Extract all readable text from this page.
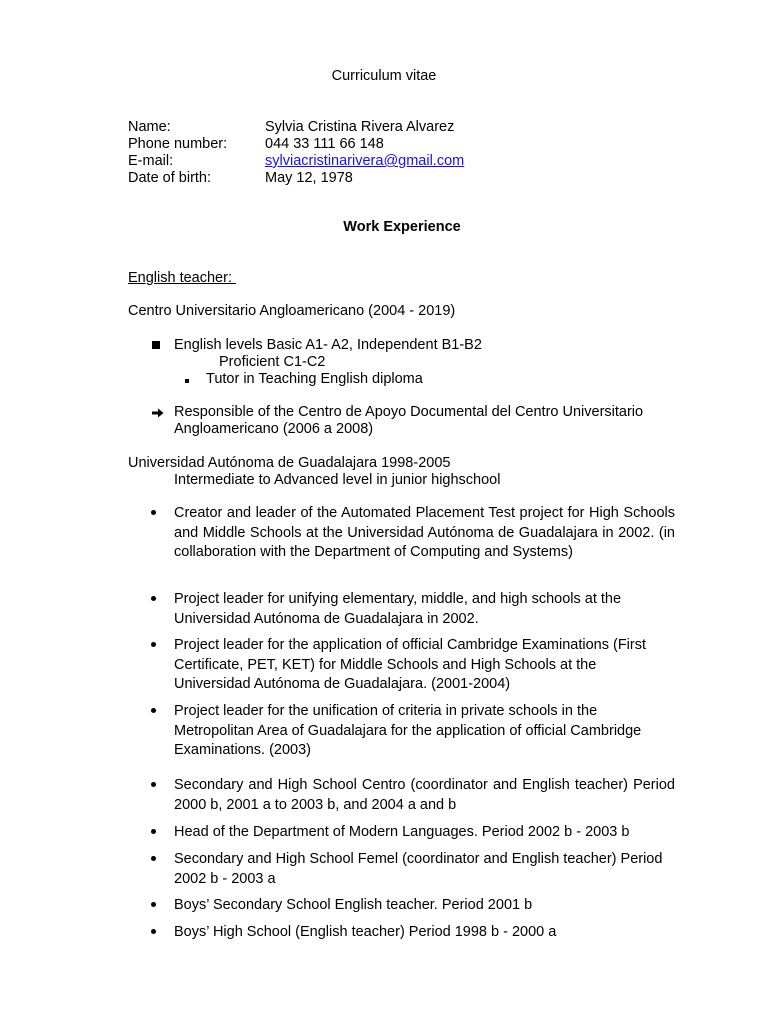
Curriculum vitae
Name:	Sylvia Cristina Rivera Alvarez
Phone number:	044 33 111 66 148
E-mail:	sylviacristinarivera@gmail.com
Date of birth:	May 12, 1978
Work Experience
English teacher:
Centro Universitario Angloamericano (2004 - 2019)
English levels Basic A1- A2, Independent B1-B2
Proficient C1-C2
Tutor in Teaching English diploma
Responsible of the Centro de Apoyo Documental del Centro Universitario Angloamericano (2006 a 2008)
Universidad Autónoma de Guadalajara 1998-2005
Intermediate to Advanced level in junior highschool
Creator and leader of the Automated Placement Test project for High Schools and Middle Schools at the Universidad Autónoma de Guadalajara in 2002. (in collaboration with the Department of Computing and Systems)
Project leader for unifying elementary, middle, and high schools at the Universidad Autónoma de Guadalajara in 2002.
Project leader for the application of official Cambridge Examinations (First Certificate, PET, KET) for Middle Schools and High Schools at the Universidad Autónoma de Guadalajara. (2001-2004)
Project leader for the unification of criteria in private schools in the Metropolitan Area of Guadalajara for the application of official Cambridge Examinations. (2003)
Secondary and High School Centro (coordinator and English teacher) Period 2000 b, 2001 a to 2003 b, and 2004 a and b
Head of the Department of Modern Languages. Period 2002 b - 2003 b
Secondary and High School Femel (coordinator and English teacher) Period 2002 b - 2003 a
Boys’ Secondary School English teacher. Period 2001 b
Boys’ High School (English teacher) Period 1998 b - 2000 a
